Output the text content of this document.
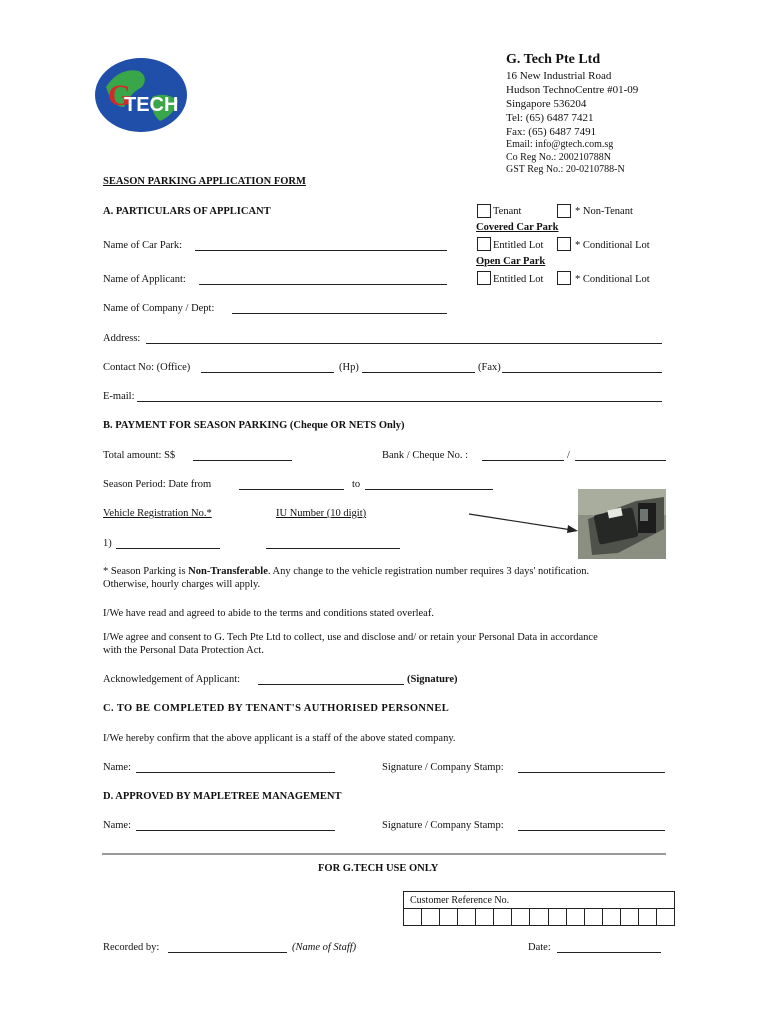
G
TECH
G. Tech Pte Ltd
16 New Industrial Road
Hudson TechnoCentre #01-09
Singapore 536204
Tel: (65) 6487 7421
Fax: (65) 6487 7491
Email: info@gtech.com.sg
Co Reg No.: 200210788N
GST Reg No.: 20-0210788-N
SEASON PARKING APPLICATION FORM
A. PARTICULARS OF APPLICANT	Tenant	* Non-Tenant
Covered Car Park
Entitled Lot	* Conditional Lot
Open Car Park
Entitled Lot	* Conditional Lot
Name of Car Park:
Name of Applicant:
Name of Company / Dept:
Address:
Contact No: (Office)	(Hp)	(Fax)
E-mail:
B. PAYMENT FOR SEASON PARKING (Cheque OR NETS Only)
Total amount: S$	Bank / Cheque No. :	/
Season Period: Date from	to
Vehicle Registration No.*	IU Number (10 digit)
1)
* Season Parking is Non-Transferable. Any change to the vehicle registration number requires 3 days' notification.
Otherwise, hourly charges will apply.
I/We have read and agreed to abide to the terms and conditions stated overleaf.
I/We agree and consent to G. Tech Pte Ltd to collect, use and disclose and/ or retain your Personal Data in accordance
with the Personal Data Protection Act.
Acknowledgement of Applicant:	(Signature)
C. TO BE COMPLETED BY TENANT'S AUTHORISED PERSONNEL
I/We hereby confirm that the above applicant is a staff of the above stated company.
Name:	Signature / Company Stamp:
D. APPROVED BY MAPLETREE MANAGEMENT
Name:	Signature / Company Stamp:
FOR G.TECH USE ONLY
Customer Reference No.
Recorded by:	(Name of Staff)	Date:
